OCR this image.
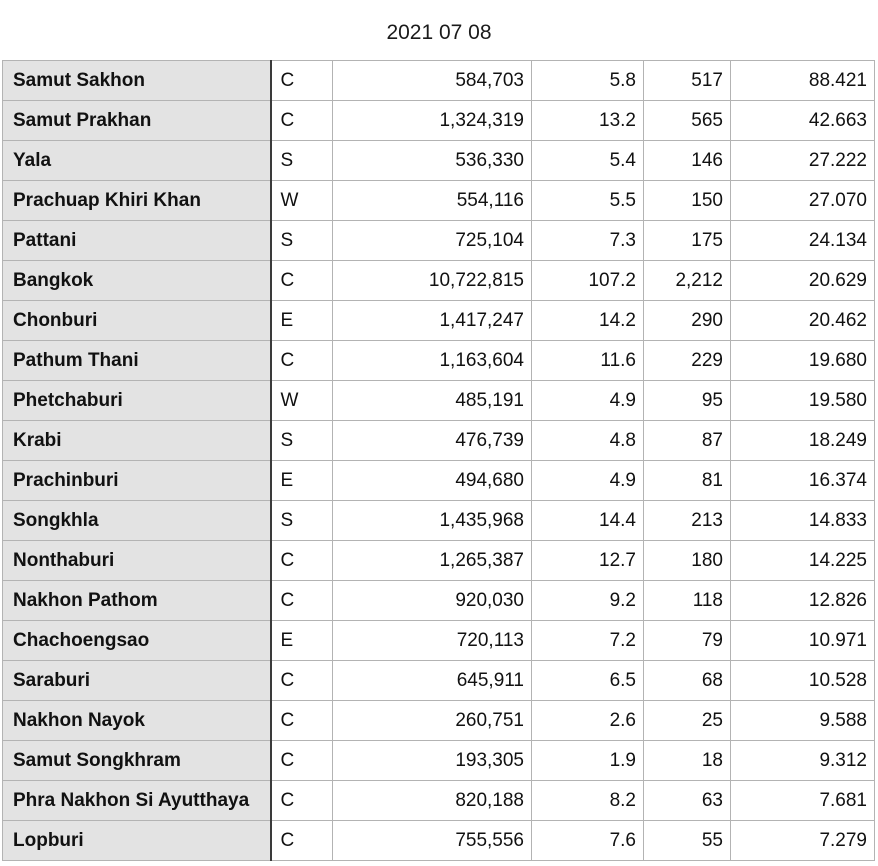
2021 07 08
Samut Sakhon	C	584,703	5.8	517	88.421
Samut Prakhan	C	1,324,319	13.2	565	42.663
Yala	S	536,330	5.4	146	27.222
Prachuap Khiri Khan	W	554,116	5.5	150	27.070
Pattani	S	725,104	7.3	175	24.134
Bangkok	C	10,722,815	107.2	2,212	20.629
Chonburi	E	1,417,247	14.2	290	20.462
Pathum Thani	C	1,163,604	11.6	229	19.680
Phetchaburi	W	485,191	4.9	95	19.580
Krabi	S	476,739	4.8	87	18.249
Prachinburi	E	494,680	4.9	81	16.374
Songkhla	S	1,435,968	14.4	213	14.833
Nonthaburi	C	1,265,387	12.7	180	14.225
Nakhon Pathom	C	920,030	9.2	118	12.826
Chachoengsao	E	720,113	7.2	79	10.971
Saraburi	C	645,911	6.5	68	10.528
Nakhon Nayok	C	260,751	2.6	25	9.588
Samut Songkhram	C	193,305	1.9	18	9.312
Phra Nakhon Si Ayutthaya	C	820,188	8.2	63	7.681
Lopburi	C	755,556	7.6	55	7.279
